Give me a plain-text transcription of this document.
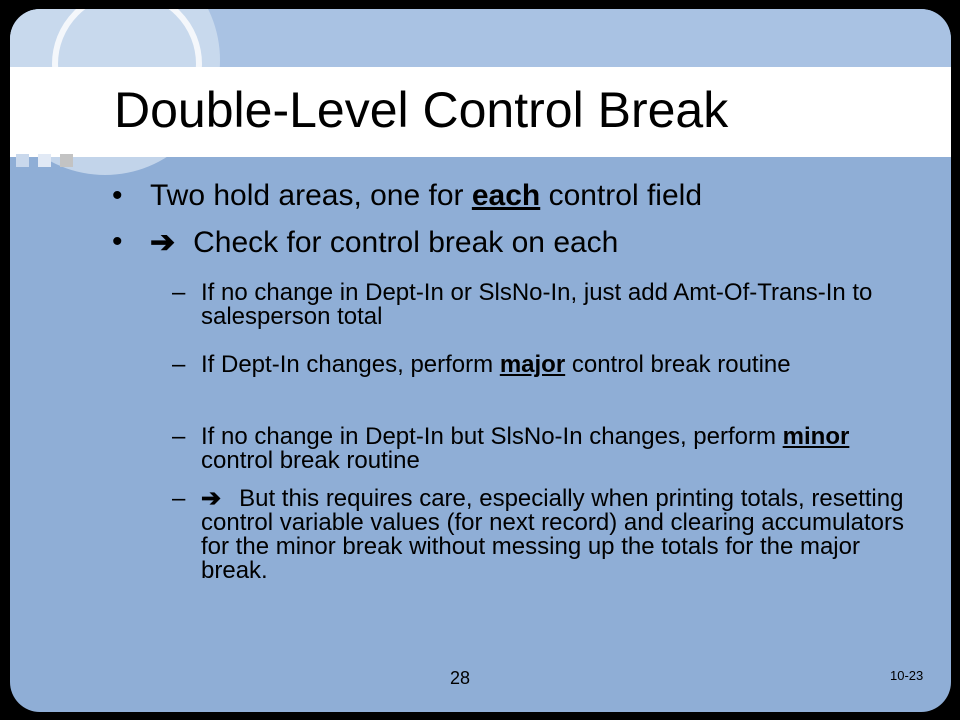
Double-Level Control Break
• Two hold areas, one for each control field
• ➔ Check for control break on each
– If no change in Dept-In or SlsNo-In, just add Amt-Of-Trans-In to salesperson total
– If Dept-In changes, perform major control break routine
– If no change in Dept-In but SlsNo-In changes, perform minor control break routine
– ➔ But this requires care, especially when printing totals, resetting control variable values (for next record) and clearing accumulators for the minor break without messing up the totals for the major break.
28	10-23
